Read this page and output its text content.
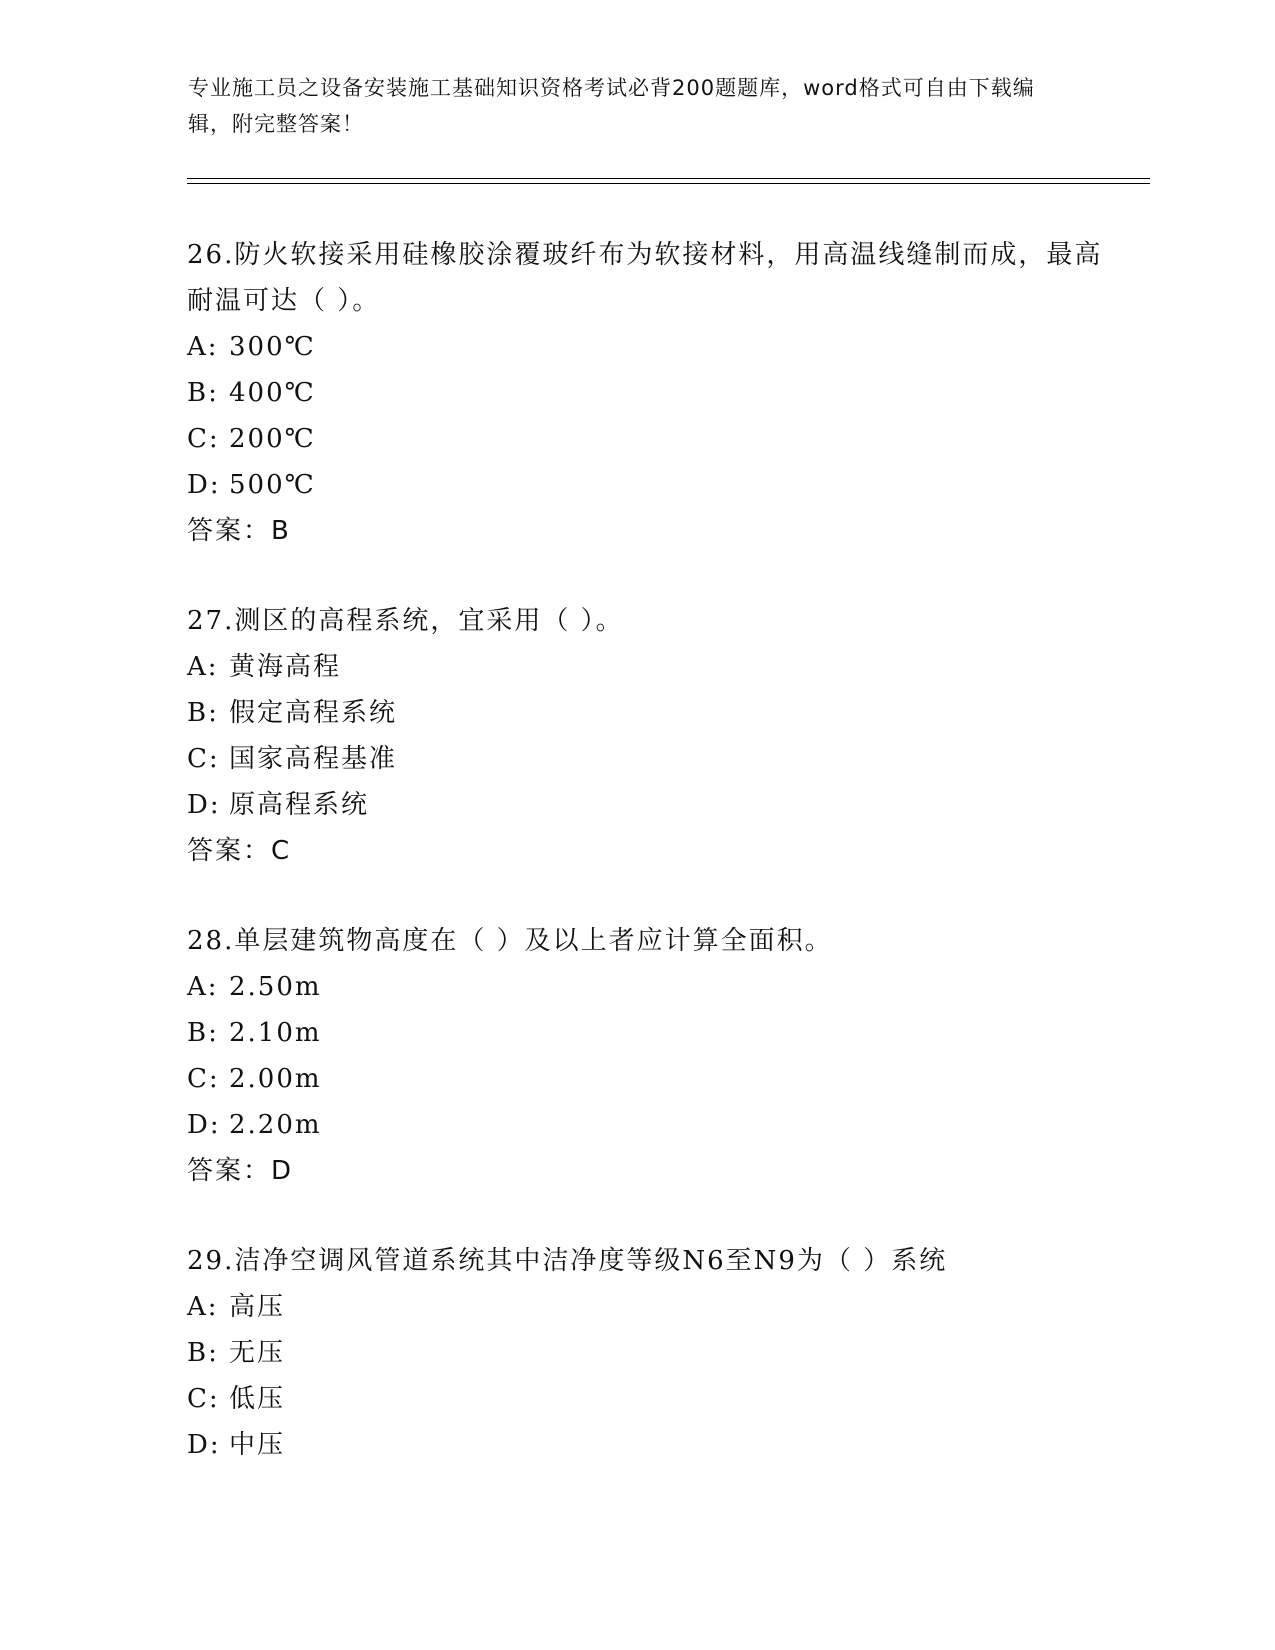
专业施工员之设备安装施工基础知识资格考试必背200题题库，word格式可自由下载编辑，附完整答案！
26.防火软接采用硅橡胶涂覆玻纤布为软接材料，用高温线缝制而成，最高耐温可达（ ）。
A: 300℃
B: 400℃
C: 200℃
D: 500℃
答案：B
27.测区的高程系统，宜采用（ ）。
A: 黄海高程
B: 假定高程系统
C: 国家高程基准
D: 原高程系统
答案：C
28.单层建筑物高度在（ ）及以上者应计算全面积。
A: 2.50m
B: 2.10m
C: 2.00m
D: 2.20m
答案：D
29.洁净空调风管道系统其中洁净度等级N6至N9为（ ）系统
A: 高压
B: 无压
C: 低压
D: 中压
